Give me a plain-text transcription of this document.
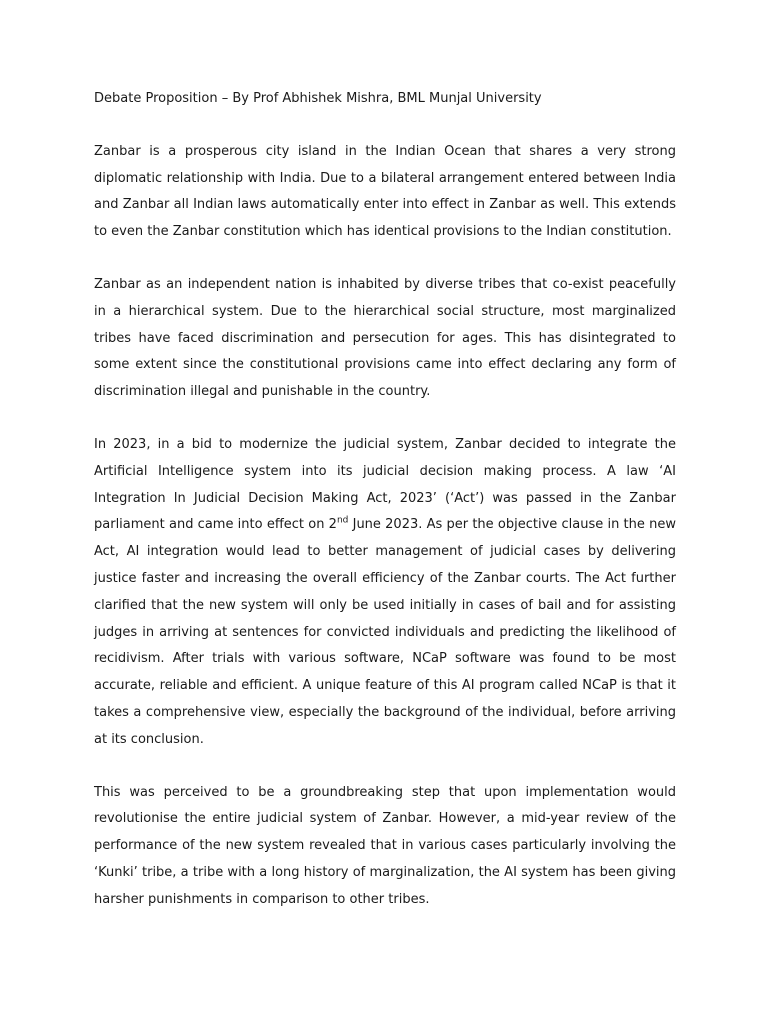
Debate Proposition – By Prof Abhishek Mishra, BML Munjal University

Zanbar is a prosperous city island in the Indian Ocean that shares a very strong diplomatic relationship with India. Due to a bilateral arrangement entered between India and Zanbar all Indian laws automatically enter into effect in Zanbar as well. This extends to even the Zanbar constitution which has identical provisions to the Indian constitution.

Zanbar as an independent nation is inhabited by diverse tribes that co-exist peacefully in a hierarchical system. Due to the hierarchical social structure, most marginalized tribes have faced discrimination and persecution for ages. This has disintegrated to some extent since the constitutional provisions came into effect declaring any form of discrimination illegal and punishable in the country.

In 2023, in a bid to modernize the judicial system, Zanbar decided to integrate the Artificial Intelligence system into its judicial decision making process. A law ‘AI Integration In Judicial Decision Making Act, 2023’ (‘Act’) was passed in the Zanbar parliament and came into effect on 2nd June 2023. As per the objective clause in the new Act, AI integration would lead to better management of judicial cases by delivering justice faster and increasing the overall efficiency of the Zanbar courts. The Act further clarified that the new system will only be used initially in cases of bail and for assisting judges in arriving at sentences for convicted individuals and predicting the likelihood of recidivism. After trials with various software, NCaP software was found to be most accurate, reliable and efficient. A unique feature of this AI program called NCaP is that it takes a comprehensive view, especially the background of the individual, before arriving at its conclusion.

This was perceived to be a groundbreaking step that upon implementation would revolutionise the entire judicial system of Zanbar. However, a mid-year review of the performance of the new system revealed that in various cases particularly involving the ‘Kunki’ tribe, a tribe with a long history of marginalization, the AI system has been giving harsher punishments in comparison to other tribes.
